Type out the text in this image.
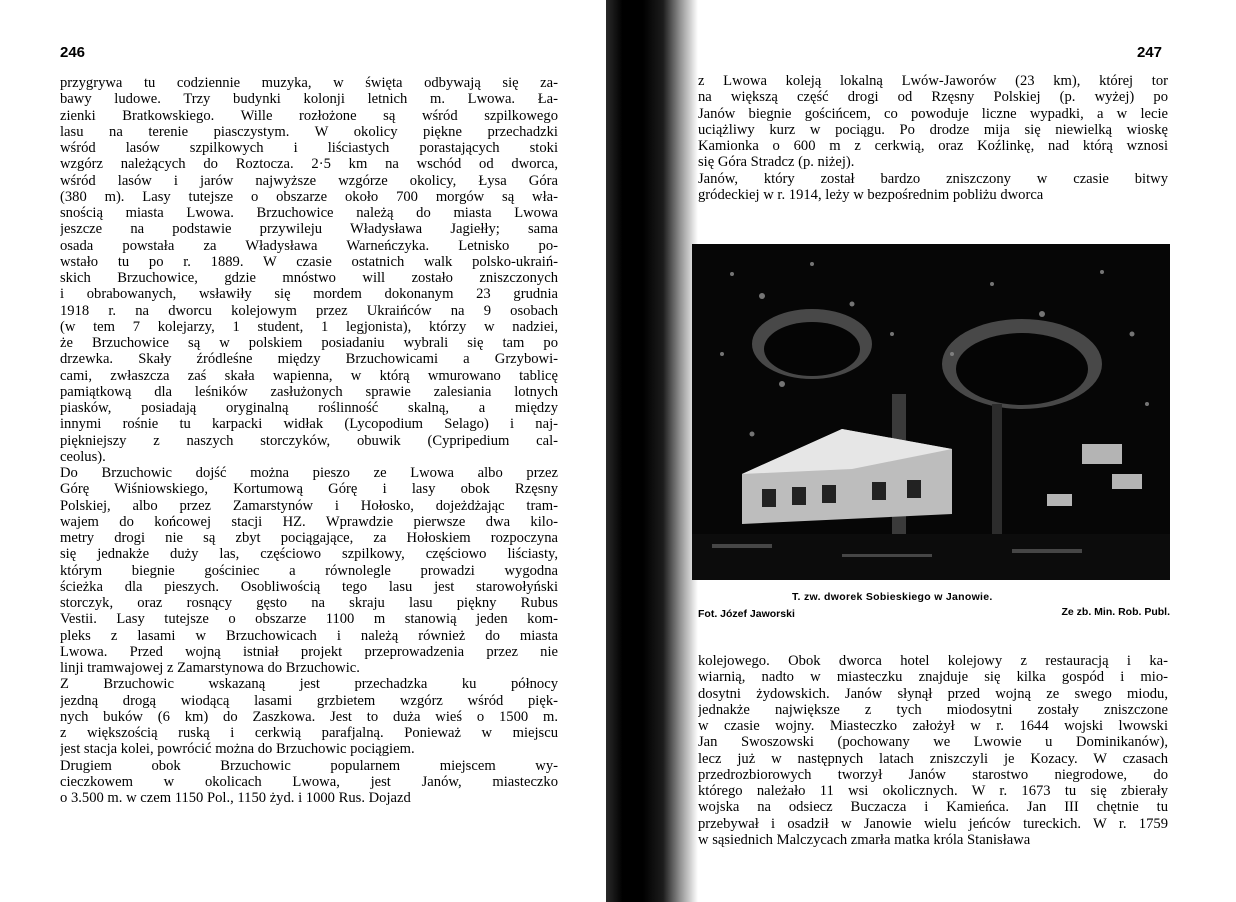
246
przygrywa tu codziennie muzyka, w święta odbywają się za-
bawy ludowe. Trzy budynki kolonji letnich m. Lwowa. Ła-
zienki Bratkowskiego. Wille rozłożone są wśród szpilkowego
lasu na terenie piasczystym. W okolicy piękne przechadzki
wśród lasów szpilkowych i liściastych porastających stoki
wzgórz należących do Roztocza. 2·5 km na wschód od dworca,
wśród lasów i jarów najwyższe wzgórze okolicy, Łysa Góra
(380 m). Lasy tutejsze o obszarze około 700 morgów są wła-
snością miasta Lwowa. Brzuchowice należą do miasta Lwowa
jeszcze na podstawie przywileju Władysława Jagiełły; sama
osada powstała za Władysława Warneńczyka. Letnisko po-
wstało tu po r. 1889. W czasie ostatnich walk polsko-ukraiń-
skich Brzuchowice, gdzie mnóstwo will zostało zniszczonych
i obrabowanych, wsławiły się mordem dokonanym 23 grudnia
1918 r. na dworcu kolejowym przez Ukraińców na 9 osobach
(w tem 7 kolejarzy, 1 student, 1 legjonista), którzy w nadziei,
że Brzuchowice są w polskiem posiadaniu wybrali się tam po
drzewka. Skały źródleśne między Brzuchowicami a Grzybowi-
cami, zwłaszcza zaś skała wapienna, w którą wmurowano tablicę
pamiątkową dla leśników zasłużonych sprawie zalesiania lotnych
piasków, posiadają oryginalną roślinność skalną, a między
innymi rośnie tu karpacki widłak (Lycopodium Selago) i naj-
piękniejszy z naszych storczyków, obuwik (Cypripedium cal-
ceolus).
Do Brzuchowic dojść można pieszo ze Lwowa albo przez
Górę Wiśniowskiego, Kortumową Górę i lasy obok Rzęsny
Polskiej, albo przez Zamarstynów i Hołosko, dojeżdżając tram-
wajem do końcowej stacji HZ. Wprawdzie pierwsze dwa kilo-
metry drogi nie są zbyt pociągające, za Hołoskiem rozpoczyna
się jednakże duży las, częściowo szpilkowy, częściowo liściasty,
którym biegnie gościniec a równolegle prowadzi wygodna
ścieżka dla pieszych. Osobliwością tego lasu jest starowołyński
storczyk, oraz rosnący gęsto na skraju lasu piękny Rubus
Vestii. Lasy tutejsze o obszarze 1100 m stanowią jeden kom-
pleks z lasami w Brzuchowicach i należą również do miasta
Lwowa. Przed wojną istniał projekt przeprowadzenia przez nie
linji tramwajowej z Zamarstynowa do Brzuchowic.
Z Brzuchowic wskazaną jest przechadzka ku północy
jezdną drogą wiodącą lasami grzbietem wzgórz wśród pięk-
nych buków (6 km) do Zaszkowa. Jest to duża wieś o 1500 m.
z większością ruską i cerkwią parafjalną. Ponieważ w miejscu
jest stacja kolei, powrócić można do Brzuchowic pociągiem.
Drugiem obok Brzuchowic popularnem miejscem wy-
cieczkowem w okolicach Lwowa, jest Janów, miasteczko
o 3.500 m. w czem 1150 Pol., 1150 żyd. i 1000 Rus. Dojazd
247
z Lwowa koleją lokalną Lwów-Jaworów (23 km), której tor
na większą część drogi od Rzęsny Polskiej (p. wyżej) po
Janów biegnie gościńcem, co powoduje liczne wypadki, a w lecie
uciążliwy kurz w pociągu. Po drodze mija się niewielką wioskę
Kamionka o 600 m z cerkwią, oraz Koźlinkę, nad którą wznosi
się Góra Stradcz (p. niżej).
Janów, który został bardzo zniszczony w czasie bitwy
gródeckiej w r. 1914, leży w bezpośrednim pobliżu dworca
T. zw. dworek Sobieskiego w Janowie.
Fot. Józef Jaworski	Ze zb. Min. Rob. Publ.
kolejowego. Obok dworca hotel kolejowy z restauracją i ka-
wiarnią, nadto w miasteczku znajduje się kilka gospód i mio-
dosytni żydowskich. Janów słynął przed wojną ze swego miodu,
jednakże największe z tych miodosytni zostały zniszczone
w czasie wojny. Miasteczko założył w r. 1644 wojski lwowski
Jan Swoszowski (pochowany we Lwowie u Dominikanów),
lecz już w następnych latach zniszczyli je Kozacy. W czasach
przedrozbiorowych tworzył Janów starostwo niegrodowe, do
którego należało 11 wsi okolicznych. W r. 1673 tu się zbierały
wojska na odsiecz Buczacza i Kamieńca. Jan III chętnie tu
przebywał i osadził w Janowie wielu jeńców tureckich. W r. 1759
w sąsiednich Malczycach zmarła matka króla Stanisława
